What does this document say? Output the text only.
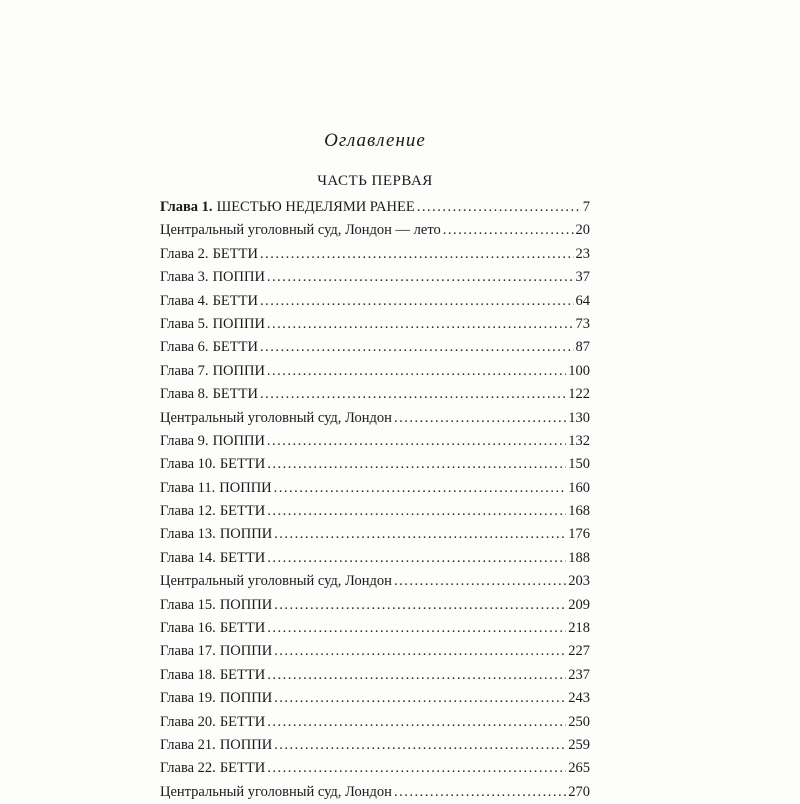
Оглавление
ЧАСТЬ ПЕРВАЯ
Глава 1. ШЕСТЬЮ НЕДЕЛЯМИ РАНЕЕ .....	7
Центральный уголовный суд, Лондон — лето .....	20
Глава 2. БЕТТИ .....	23
Глава 3. ПОППИ .....	37
Глава 4. БЕТТИ .....	64
Глава 5. ПОППИ .....	73
Глава 6. БЕТТИ .....	87
Глава 7. ПОППИ .....	100
Глава 8. БЕТТИ .....	122
Центральный уголовный суд, Лондон .....	130
Глава 9. ПОППИ .....	132
Глава 10. БЕТТИ .....	150
Глава 11. ПОППИ .....	160
Глава 12. БЕТТИ .....	168
Глава 13. ПОППИ .....	176
Глава 14. БЕТТИ .....	188
Центральный уголовный суд, Лондон .....	203
Глава 15. ПОППИ .....	209
Глава 16. БЕТТИ .....	218
Глава 17. ПОППИ .....	227
Глава 18. БЕТТИ .....	237
Глава 19. ПОППИ .....	243
Глава 20. БЕТТИ .....	250
Глава 21. ПОППИ .....	259
Глава 22. БЕТТИ .....	265
Центральный уголовный суд, Лондон .....	270
